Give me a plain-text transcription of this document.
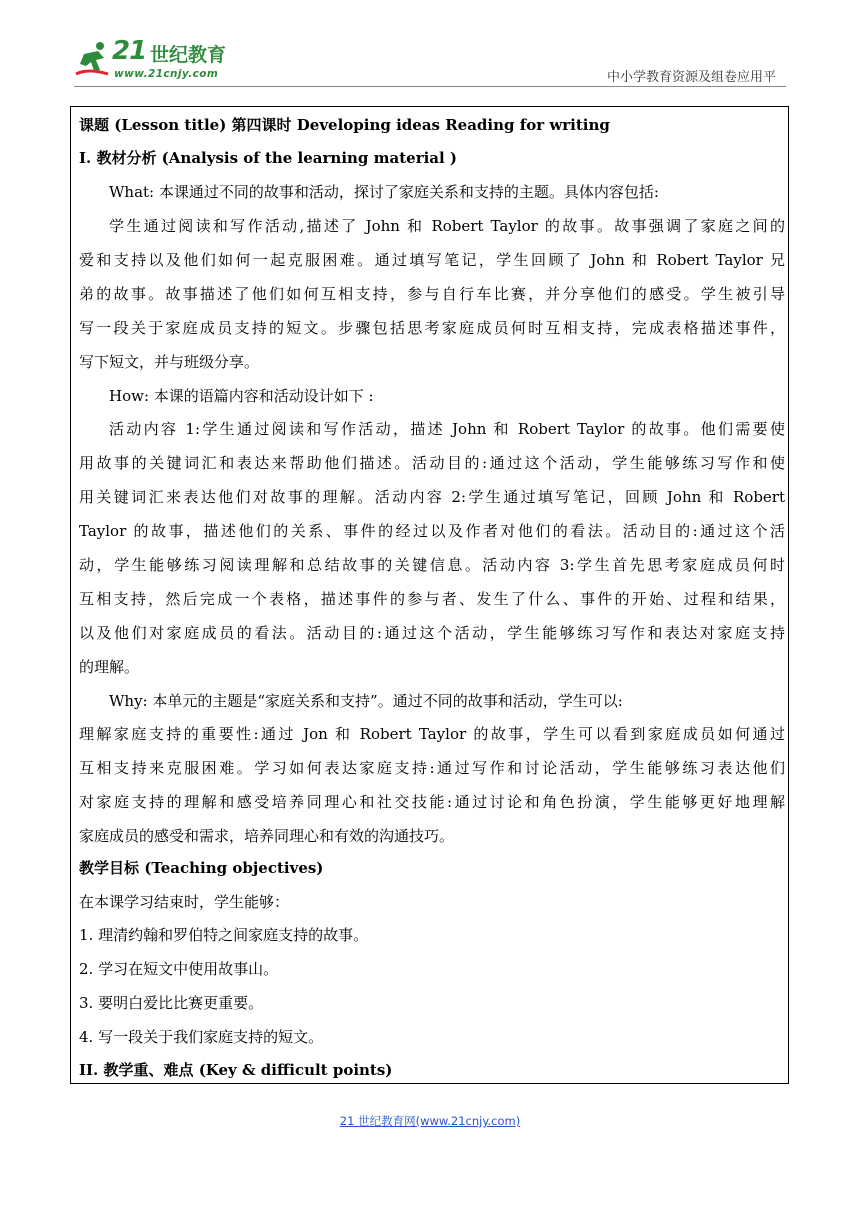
21 世纪教育
www.21cnjy.com	中小学教育资源及组卷应用平
课题 (Lesson title) 第四课时 Developing ideas Reading for writing
I. 教材分析 (Analysis of the learning material )
What: 本课通过不同的故事和活动，探讨了家庭关系和支持的主题。具体内容包括:
学生通过阅读和写作活动,描述了 John 和 Robert Taylor 的故事。故事强调了家庭之间的
爱和支持以及他们如何一起克服困难。通过填写笔记，学生回顾了 John 和 Robert Taylor 兄
弟的故事。故事描述了他们如何互相支持，参与自行车比赛，并分享他们的感受。学生被引导
写一段关于家庭成员支持的短文。步骤包括思考家庭成员何时互相支持，完成表格描述事件，
写下短文，并与班级分享。
How: 本课的语篇内容和活动设计如下 :
活动内容 1:学生通过阅读和写作活动，描述 John 和 Robert Taylor 的故事。他们需要使
用故事的关键词汇和表达来帮助他们描述。活动目的:通过这个活动，学生能够练习写作和使
用关键词汇来表达他们对故事的理解。活动内容 2:学生通过填写笔记，回顾 John 和 Robert
Taylor 的故事，描述他们的关系、事件的经过以及作者对他们的看法。活动目的:通过这个活
动，学生能够练习阅读理解和总结故事的关键信息。活动内容 3:学生首先思考家庭成员何时
互相支持，然后完成一个表格，描述事件的参与者、发生了什么、事件的开始、过程和结果，
以及他们对家庭成员的看法。活动目的:通过这个活动，学生能够练习写作和表达对家庭支持
的理解。
Why: 本单元的主题是“家庭关系和支持”。通过不同的故事和活动，学生可以:
理解家庭支持的重要性:通过 Jon 和 Robert Taylor 的故事，学生可以看到家庭成员如何通过
互相支持来克服困难。学习如何表达家庭支持:通过写作和讨论活动，学生能够练习表达他们
对家庭支持的理解和感受培养同理心和社交技能:通过讨论和角色扮演，学生能够更好地理解
家庭成员的感受和需求，培养同理心和有效的沟通技巧。
教学目标 (Teaching objectives)
在本课学习结束时，学生能够：
1. 理清约翰和罗伯特之间家庭支持的故事。
2. 学习在短文中使用故事山。
3. 要明白爱比比赛更重要。
4. 写一段关于我们家庭支持的短文。
II. 教学重、难点 (Key & difficult points)
21 世纪教育网(www.21cnjy.com)
